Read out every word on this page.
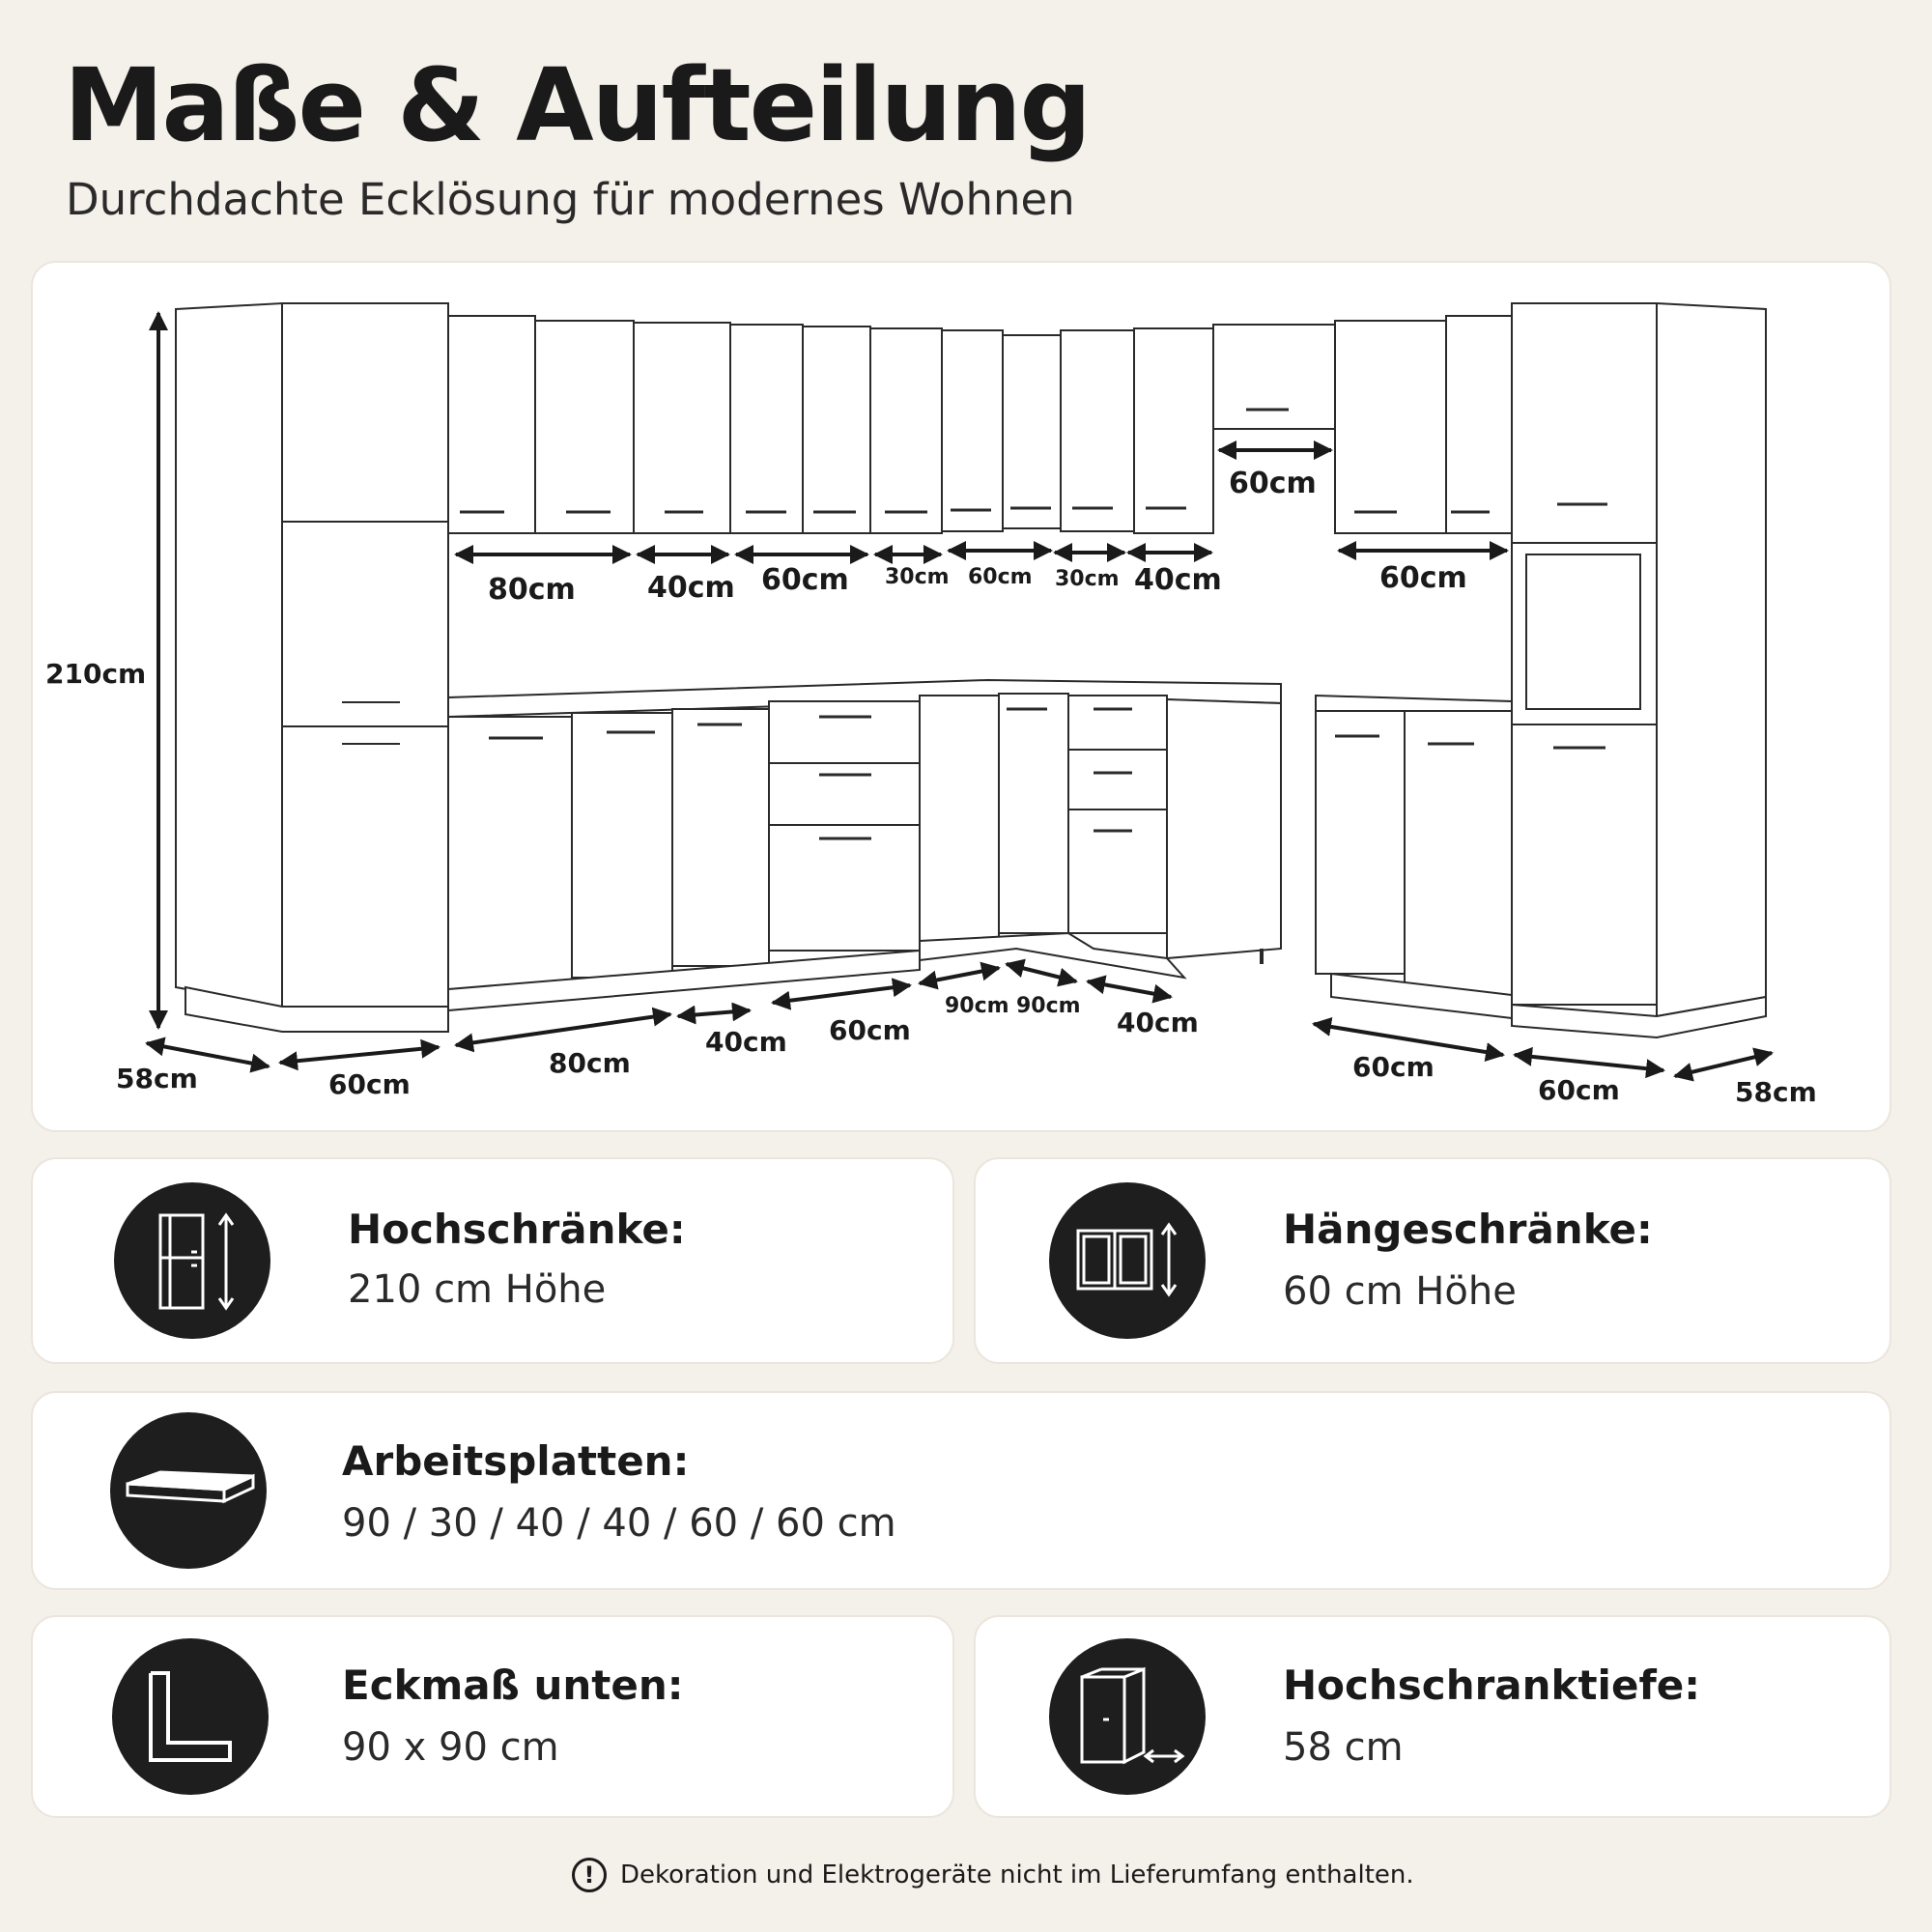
Maße & Aufteilung

Durchdachte Ecklösung für modernes Wohnen

210cm
80cm 40cm 60cm 30cm 60cm 30cm 40cm
60cm
60cm
58cm	60cm
80cm
40cm 60cm
90cm 90cm
40cm
60cm
60cm	58cm
Hochschränke:
210 cm Höhe
Hängeschränke:
60 cm Höhe
Arbeitsplatten:
90 / 30 / 40 / 40 / 60 / 60 cm
Eckmaß unten:
90 x 90 cm
Hochschranktiefe:
58 cm
!	Dekoration und Elektrogeräte nicht im Lieferumfang enthalten.
